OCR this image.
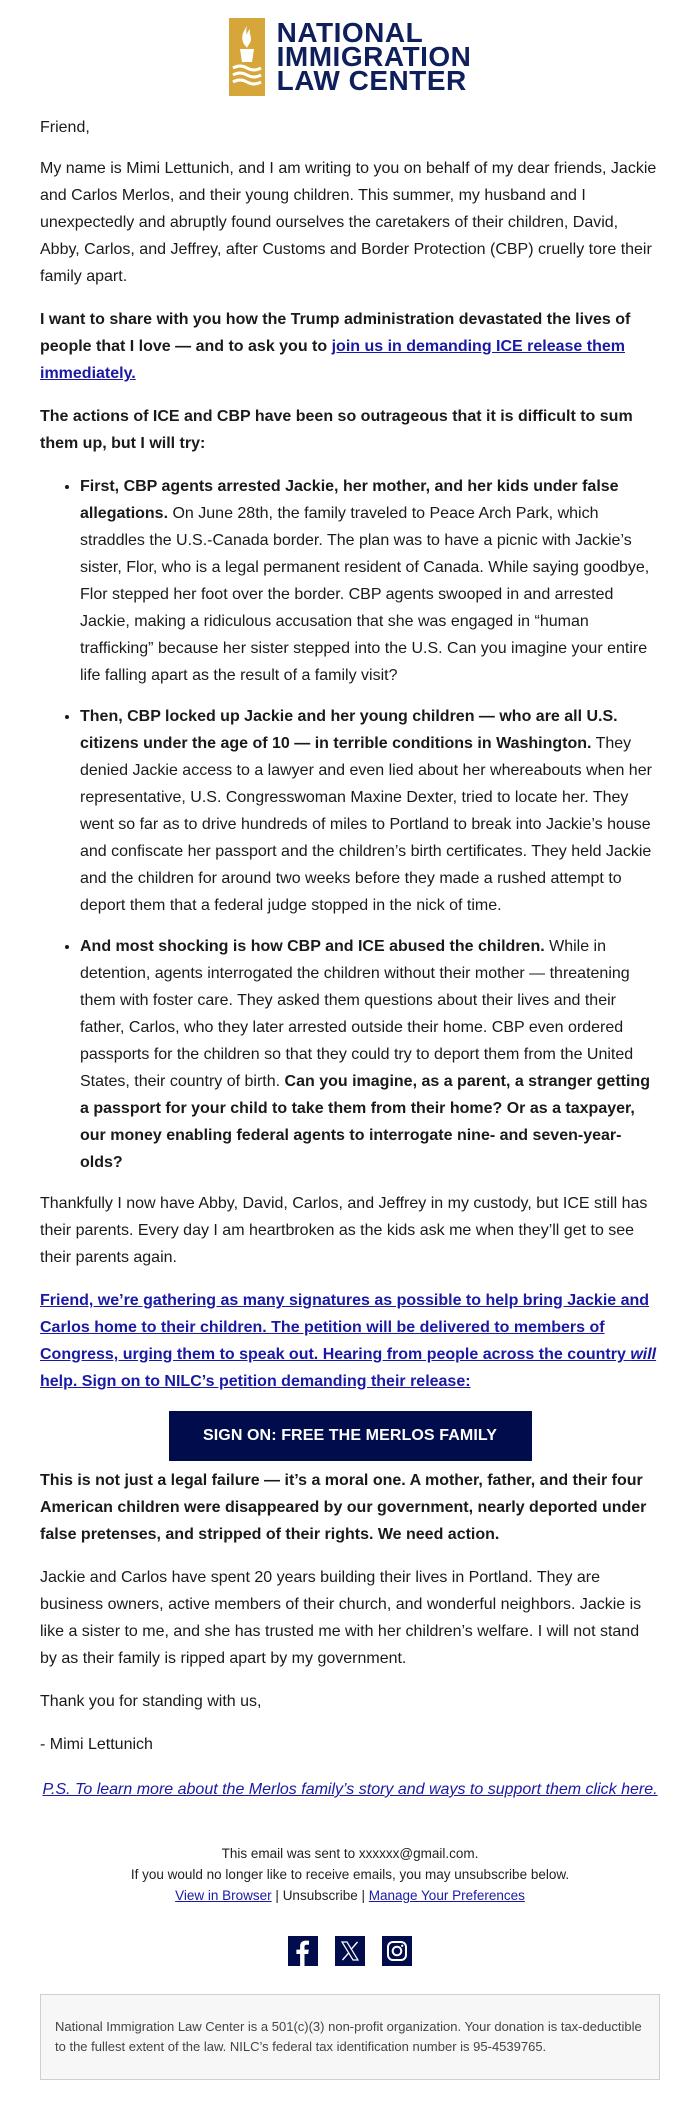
NATIONAL
IMMIGRATION
LAW CENTER

Friend,

My name is Mimi Lettunich, and I am writing to you on behalf of my dear friends, Jackie and Carlos Merlos, and their young children. This summer, my husband and I unexpectedly and abruptly found ourselves the caretakers of their children, David, Abby, Carlos, and Jeffrey, after Customs and Border Protection (CBP) cruelly tore their family apart.

I want to share with you how the Trump administration devastated the lives of people that I love — and to ask you to join us in demanding ICE release them immediately.

The actions of ICE and CBP have been so outrageous that it is difficult to sum them up, but I will try:

• First, CBP agents arrested Jackie, her mother, and her kids under false allegations. On June 28th, the family traveled to Peace Arch Park, which straddles the U.S.-Canada border. The plan was to have a picnic with Jackie’s sister, Flor, who is a legal permanent resident of Canada. While saying goodbye, Flor stepped her foot over the border. CBP agents swooped in and arrested Jackie, making a ridiculous accusation that she was engaged in “human trafficking” because her sister stepped into the U.S. Can you imagine your entire life falling apart as the result of a family visit?
• Then, CBP locked up Jackie and her young children — who are all U.S. citizens under the age of 10 — in terrible conditions in Washington. They denied Jackie access to a lawyer and even lied about her whereabouts when her representative, U.S. Congresswoman Maxine Dexter, tried to locate her. They went so far as to drive hundreds of miles to Portland to break into Jackie’s house and confiscate her passport and the children’s birth certificates. They held Jackie and the children for around two weeks before they made a rushed attempt to deport them that a federal judge stopped in the nick of time.
• And most shocking is how CBP and ICE abused the children. While in detention, agents interrogated the children without their mother — threatening them with foster care. They asked them questions about their lives and their father, Carlos, who they later arrested outside their home. CBP even ordered passports for the children so that they could try to deport them from the United States, their country of birth. Can you imagine, as a parent, a stranger getting a passport for your child to take them from their home? Or as a taxpayer, our money enabling federal agents to interrogate nine- and seven-year-olds?

Thankfully I now have Abby, David, Carlos, and Jeffrey in my custody, but ICE still has their parents. Every day I am heartbroken as the kids ask me when they’ll get to see their parents again.

Friend, we’re gathering as many signatures as possible to help bring Jackie and Carlos home to their children. The petition will be delivered to members of Congress, urging them to speak out. Hearing from people across the country will help. Sign on to NILC’s petition demanding their release:

SIGN ON: FREE THE MERLOS FAMILY

This is not just a legal failure — it’s a moral one. A mother, father, and their four American children were disappeared by our government, nearly deported under false pretenses, and stripped of their rights. We need action.

Jackie and Carlos have spent 20 years building their lives in Portland. They are business owners, active members of their church, and wonderful neighbors. Jackie is like a sister to me, and she has trusted me with her children’s welfare. I will not stand by as their family is ripped apart by my government.

Thank you for standing with us,

- Mimi Lettunich

P.S. To learn more about the Merlos family’s story and ways to support them click here.

This email was sent to xxxxxx@gmail.com.
If you would no longer like to receive emails, you may unsubscribe below.
View in Browser | Unsubscribe | Manage Your Preferences
National Immigration Law Center is a 501(c)(3) non-profit organization. Your donation is tax-deductible to the fullest extent of the law. NILC’s federal tax identification number is 95-4539765.
